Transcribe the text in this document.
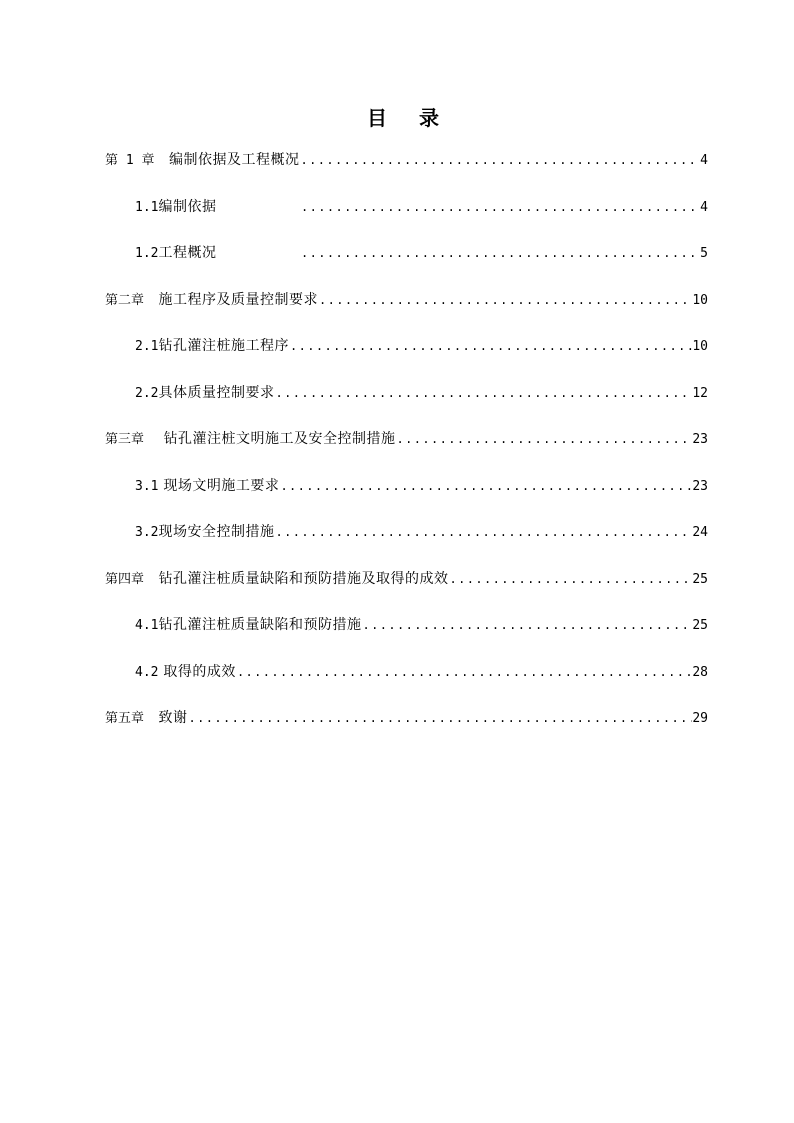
目　录
第 1 章　编制依据及工程概况 .....	4
1.1编制依据 .....	4
1.2工程概况 .....	5
第二章　施工程序及质量控制要求 .....	10
2.1钻孔灌注桩施工程序 .....	10
2.2具体质量控制要求 .....	12
第三章　 钻孔灌注桩文明施工及安全控制措施 .....	23
3.1 现场文明施工要求 .....	23
3.2现场安全控制措施 .....	24
第四章　钻孔灌注桩质量缺陷和预防措施及取得的成效 .....	25
4.1钻孔灌注桩质量缺陷和预防措施 .....	25
4.2 取得的成效 .....	28
第五章　致谢 .....	29
